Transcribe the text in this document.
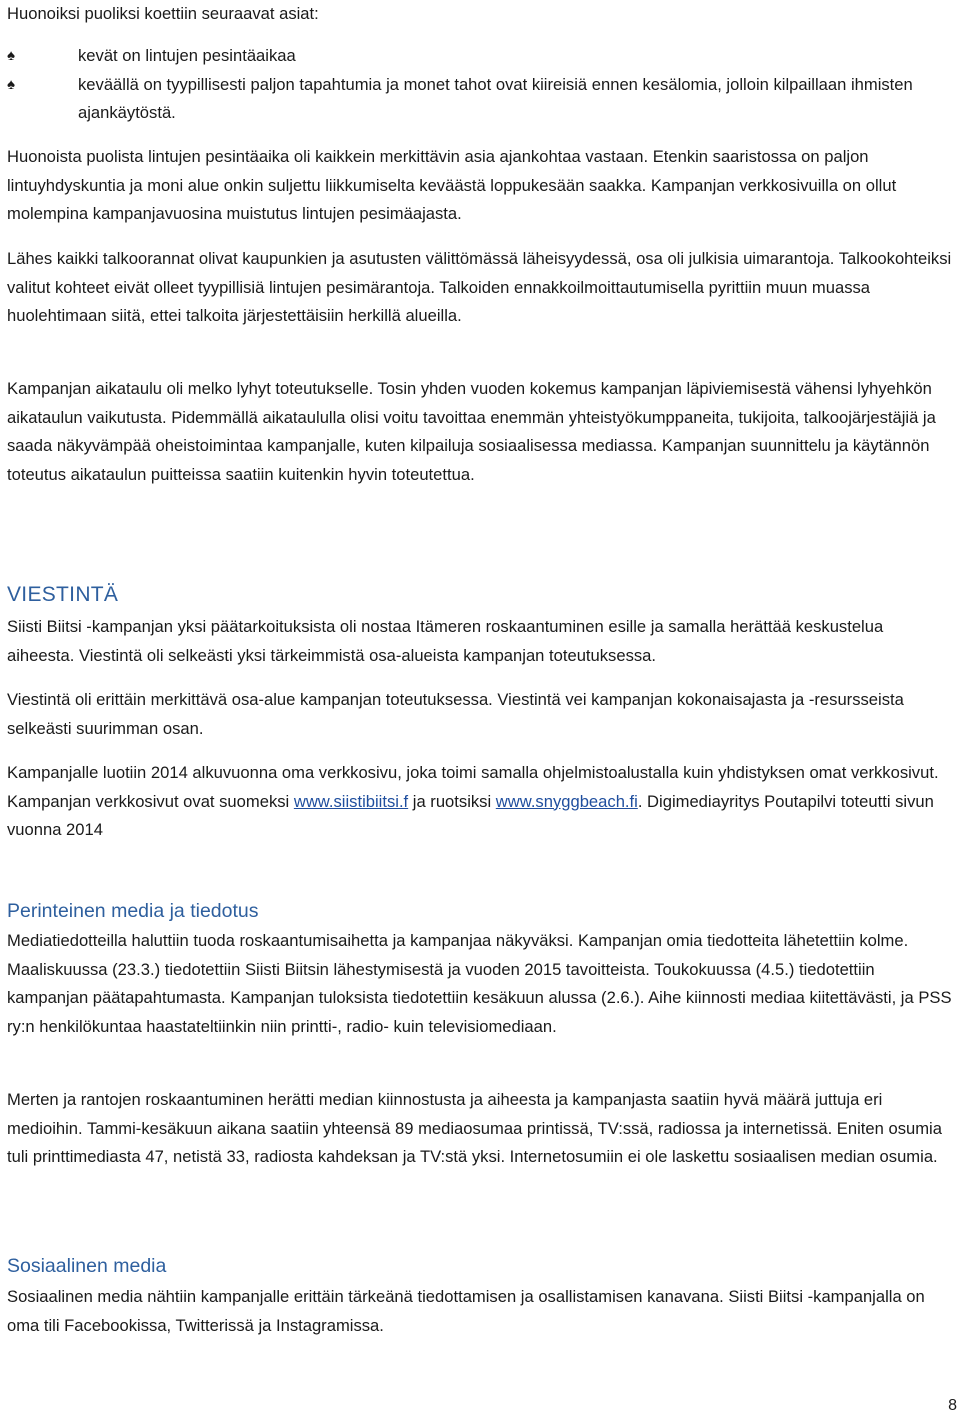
Huonoiksi puoliksi koettiin seuraavat asiat:

♠	kevät on lintujen pesintäaikaa
♠	keväällä on tyypillisesti paljon tapahtumia ja monet tahot ovat kiireisiä ennen kesälomia, jolloin kilpaillaan ihmisten ajankäytöstä.

Huonoista puolista lintujen pesintäaika oli kaikkein merkittävin asia ajankohtaa vastaan. Etenkin saaristossa on paljon lintuyhdyskuntia ja moni alue onkin suljettu liikkumiselta keväästä loppukesään saakka. Kampanjan verkkosivuilla on ollut molempina kampanjavuosina muistutus lintujen pesimäajasta.

Lähes kaikki talkoorannat olivat kaupunkien ja asutusten välittömässä läheisyydessä, osa oli julkisia uimarantoja. Talkookohteiksi valitut kohteet eivät olleet tyypillisiä lintujen pesimärantoja. Talkoiden ennakkoilmoittautumisella pyrittiin muun muassa huolehtimaan siitä, ettei talkoita järjestettäisiin herkillä alueilla.

Kampanjan aikataulu oli melko lyhyt toteutukselle. Tosin yhden vuoden kokemus kampanjan läpiviemisestä vähensi lyhyehkön aikataulun vaikutusta. Pidemmällä aikataululla olisi voitu tavoittaa enemmän yhteistyökumppaneita, tukijoita, talkoojärjestäjiä ja saada näkyvämpää oheistoimintaa kampanjalle, kuten kilpailuja sosiaalisessa mediassa. Kampanjan suunnittelu ja käytännön toteutus aikataulun puitteissa saatiin kuitenkin hyvin toteutettua.

VIESTINTÄ

Siisti Biitsi -kampanjan yksi päätarkoituksista oli nostaa Itämeren roskaantuminen esille ja samalla herättää keskustelua aiheesta. Viestintä oli selkeästi yksi tärkeimmistä osa-alueista kampanjan toteutuksessa.

Viestintä oli erittäin merkittävä osa-alue kampanjan toteutuksessa. Viestintä vei kampanjan kokonaisajasta ja -resursseista selkeästi suurimman osan.

Kampanjalle luotiin 2014 alkuvuonna oma verkkosivu, joka toimi samalla ohjelmistoalustalla kuin yhdistyksen omat verkkosivut. Kampanjan verkkosivut ovat suomeksi www.siistibiitsi.f ja ruotsiksi www.snyggbeach.fi. Digimediayritys Poutapilvi toteutti sivun vuonna 2014

Perinteinen media ja tiedotus

Mediatiedotteilla haluttiin tuoda roskaantumisaihetta ja kampanjaa näkyväksi. Kampanjan omia tiedotteita lähetettiin kolme. Maaliskuussa (23.3.) tiedotettiin Siisti Biitsin lähestymisestä ja vuoden 2015 tavoitteista. Toukokuussa (4.5.) tiedotettiin kampanjan päätapahtumasta. Kampanjan tuloksista tiedotettiin kesäkuun alussa (2.6.). Aihe kiinnosti mediaa kiitettävästi, ja PSS ry:n henkilökuntaa haastateltiinkin niin printti-, radio- kuin televisiomediaan.

Merten ja rantojen roskaantuminen herätti median kiinnostusta ja aiheesta ja kampanjasta saatiin hyvä määrä juttuja eri medioihin. Tammi-kesäkuun aikana saatiin yhteensä 89 mediaosumaa printissä, TV:ssä, radiossa ja internetissä. Eniten osumia tuli printtimediasta 47, netistä 33, radiosta kahdeksan ja TV:stä yksi. Internetosumiin ei ole laskettu sosiaalisen median osumia.

Sosiaalinen media

Sosiaalinen media nähtiin kampanjalle erittäin tärkeänä tiedottamisen ja osallistamisen kanavana. Siisti Biitsi -kampanjalla on oma tili Facebookissa, Twitterissä ja Instagramissa.

8
